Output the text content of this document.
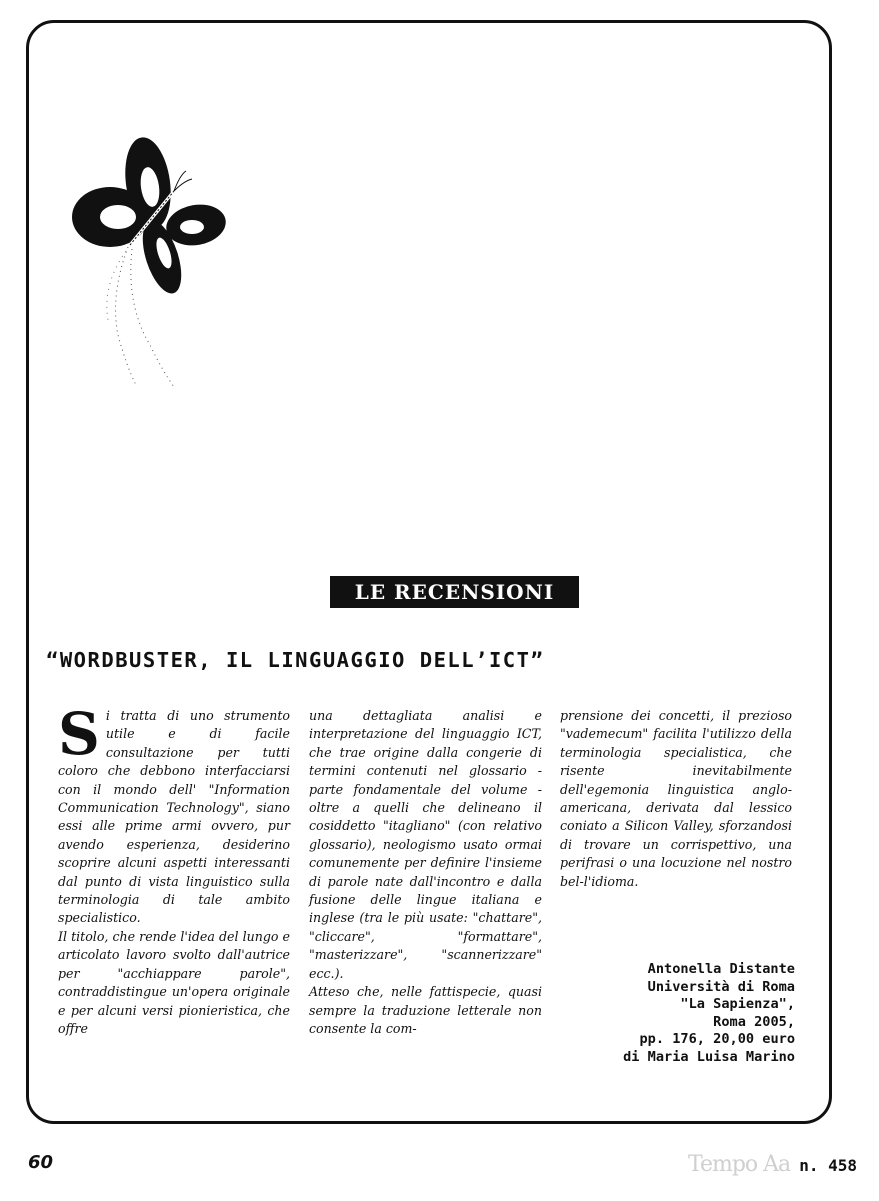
LE RECENSIONI
“WORDBUSTER, IL LINGUAGGIO DELL’ICT”

Si tratta di uno strumento utile e di facile consultazione per tutti coloro che debbono interfacciarsi con il mondo dell' "Information Communication Technology", siano essi alle prime armi ovvero, pur avendo esperienza, desiderino scoprire alcuni aspetti interessanti dal punto di vista linguistico sulla terminologia di tale ambito specialistico.

Il titolo, che rende l'idea del lungo e articolato lavoro svolto dall'autrice per "acchiappare parole", contraddistingue un'opera originale e per alcuni versi pionieristica, che offre

una dettagliata analisi e interpretazione del linguaggio ICT, che trae origine dalla congerie di termini contenuti nel glossario - parte fondamentale del volume - oltre a quelli che delineano il cosiddetto "itagliano" (con relativo glossario), neologismo usato ormai comunemente per definire l'insieme di parole nate dall'incontro e dalla fusione delle lingue italiana e inglese (tra le più usate: "chattare", "cliccare", "formattare", "masterizzare", "scannerizzare" ecc.).

Atteso che, nelle fattispecie, quasi sempre la traduzione letterale non consente la com-

prensione dei concetti, il prezioso "vademecum" facilita l'utilizzo della terminologia specialistica, che risente inevitabilmente dell'egemonia linguistica anglo-americana, derivata dal lessico coniato a Silicon Valley, sforzandosi di trovare un corrispettivo, una perifrasi o una locuzione nel nostro bel-l'idioma.

Antonella Distante
Università di Roma
"La Sapienza",
Roma 2005,
pp. 176, 20,00 euro
di Maria Luisa Marino
60	Tempo Aa n. 458
